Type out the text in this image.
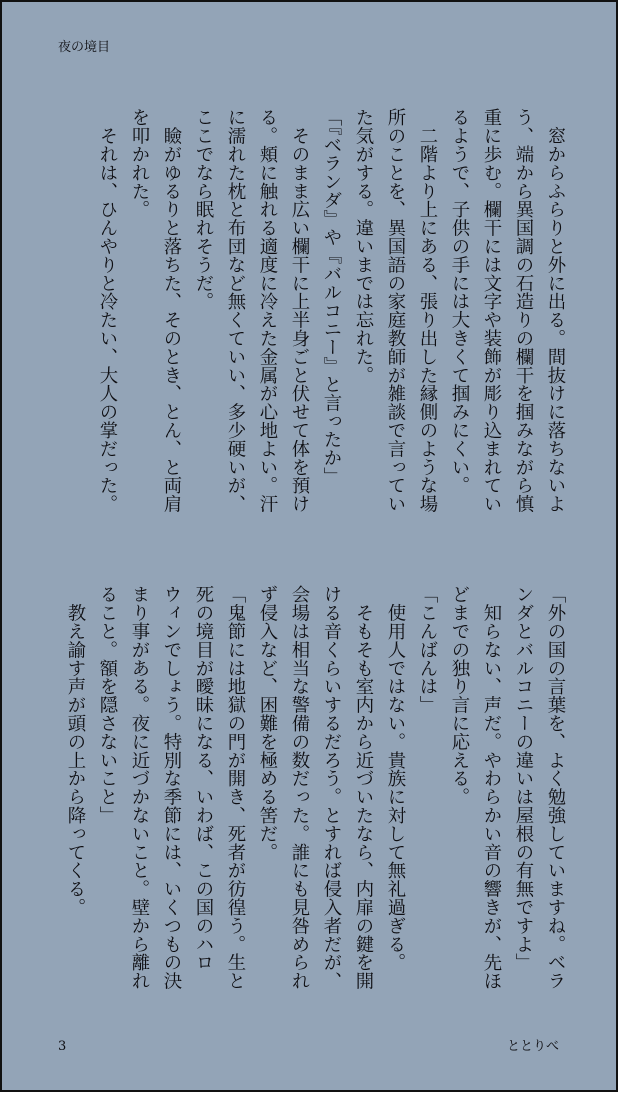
夜の境目

　窓からふらりと外に出る。間抜けに落ちないよ

う、端から異国調の石造りの欄干を掴みながら慎

重に歩む。欄干には文字や装飾が彫り込まれてい

るようで、子供の手には大きくて掴みにくい。

　二階より上にある、張り出した縁側のような場

所のことを、異国語の家庭教師が雑談で言ってい

た気がする。違いまでは忘れた。

「『ベランダ』や『バルコニー』と言ったか」

　そのまま広い欄干に上半身ごと伏せて体を預け

る。頬に触れる適度に冷えた金属が心地よい。汗

に濡れた枕と布団など無くていい、多少硬いが、

ここでなら眠れそうだ。

　瞼がゆるりと落ちた、そのとき、とん、と両肩

を叩かれた。

　それは、ひんやりと冷たい、大人の掌だった。

「外の国の言葉を、よく勉強していますね。ベラ

ンダとバルコニーの違いは屋根の有無ですよ」

　知らない、声だ。やわらかい音の響きが、先ほ

どまでの独り言に応える。

「こんばんは」

　使用人ではない。貴族に対して無礼過ぎる。

　そもそも室内から近づいたなら、内扉の鍵を開

ける音くらいするだろう。とすれば侵入者だが、

会場は相当な警備の数だった。誰にも見咎められ

ず侵入など、困難を極める筈だ。

「鬼節には地獄の門が開き、死者が彷徨う。生と

死の境目が曖昧になる、いわば、この国のハロ

ウィンでしょう。特別な季節には、いくつもの決

まり事がある。夜に近づかないこと。壁から離れ

ること。額を隠さないこと」

　教え諭す声が頭の上から降ってくる。

3	ととりべ
